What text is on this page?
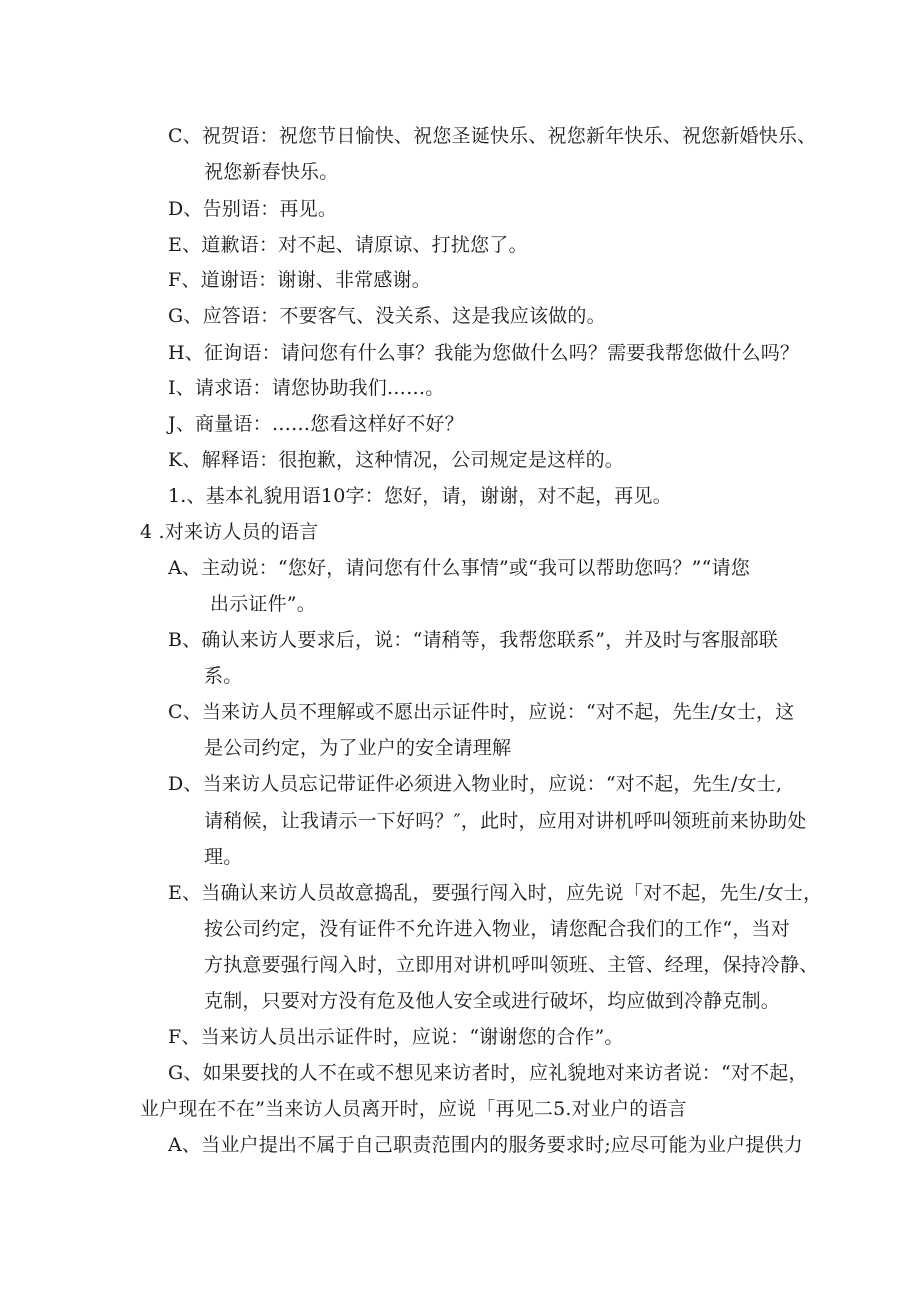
C、祝贺语：祝您节日愉快、祝您圣诞快乐、祝您新年快乐、祝您新婚快乐、
祝您新春快乐。
D、告别语：再见。
E、道歉语：对不起、请原谅、打扰您了。
F、道谢语：谢谢、非常感谢。
G、应答语：不要客气、没关系、这是我应该做的。
H、征询语：请问您有什么事？我能为您做什么吗？需要我帮您做什么吗？
I、请求语：请您协助我们……。
J、商量语：……您看这样好不好？
K、解释语：很抱歉，这种情况，公司规定是这样的。
1.、基本礼貌用语10字：您好，请，谢谢，对不起，再见。
4 .对来访人员的语言
A、主动说：“您好，请问您有什么事情”或“我可以帮助您吗？”“请您
出示证件”。
B、确认来访人要求后，说：“请稍等，我帮您联系”，并及时与客服部联
系。
C、当来访人员不理解或不愿出示证件时，应说：“对不起，先生/女士，这
是公司约定，为了业户的安全请理解
D、当来访人员忘记带证件必须进入物业时，应说：“对不起，先生/女士,
请稍候，让我请示一下好吗？″，此时，应用对讲机呼叫领班前来协助处
理。
E、当确认来访人员故意捣乱，要强行闯入时，应先说「对不起，先生/女士，
按公司约定，没有证件不允许进入物业，请您配合我们的工作“，当对
方执意要强行闯入时，立即用对讲机呼叫领班、主管、经理，保持冷静、
克制，只要对方没有危及他人安全或进行破坏，均应做到冷静克制。
F、当来访人员出示证件时，应说：“谢谢您的合作”。
G、如果要找的人不在或不想见来访者时，应礼貌地对来访者说：“对不起，
业户现在不在”当来访人员离开时，应说「再见二5.对业户的语言
A、当业户提出不属于自己职责范围内的服务要求时;应尽可能为业户提供力
